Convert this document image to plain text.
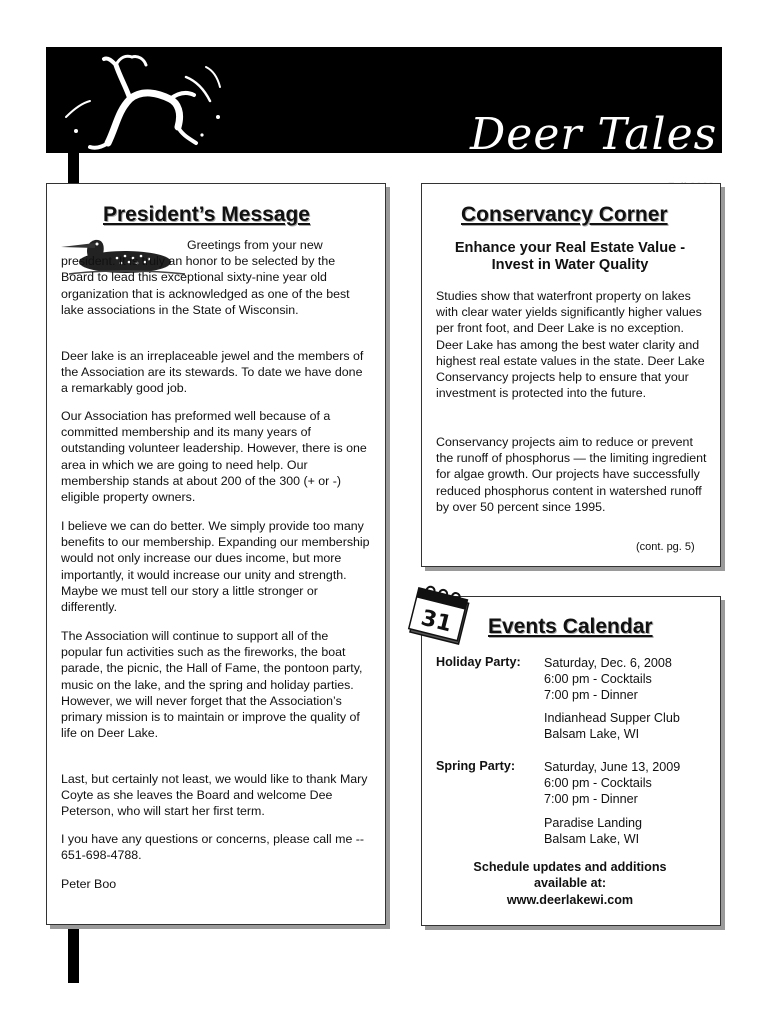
Deer Tales
Association
President’s Message

Greetings from your new president. It is truly an honor to be selected by the Board to lead this exceptional sixty-nine year old organization that is acknowledged as one of the best lake associations in the State of Wisconsin.

Deer lake is an irreplaceable jewel and the members of the Association are its stewards. To date we have done a remarkably good job.

Our Association has preformed well because of a committed membership and its many years of outstanding volunteer leadership. However, there is one area in which we are going to need help. Our membership stands at about 200 of the 300 (+ or -) eligible property owners.

I believe we can do better. We simply provide too many benefits to our membership. Expanding our membership would not only increase our dues income, but more importantly, it would increase our unity and strength. Maybe we must tell our story a little stronger or differently.

The Association will continue to support all of the popular fun activities such as the fireworks, the boat parade, the picnic, the Hall of Fame, the pontoon party, music on the lake, and the spring and holiday parties. However, we will never forget that the Association’s primary mission is to maintain or improve the quality of life on Deer Lake.

Last, but certainly not least, we would like to thank Mary Coyte as she leaves the Board and welcome Dee Peterson, who will start her first term.

I you have any questions or concerns, please call me -- 651-698-4788.

Peter Boo

Conservancy Corner
Enhance your Real Estate Value - Invest in Water Quality

Studies show that waterfront property on lakes with clear water yields significantly higher values per front foot, and Deer Lake is no exception. Deer Lake has among the best water clarity and highest real estate values in the state. Deer Lake Conservancy projects help to ensure that your investment is protected into the future.

Conservancy projects aim to reduce or prevent the runoff of phosphorus — the limiting ingredient for algae growth. Our projects have successfully reduced phosphorus content in watershed runoff by over 50 percent since 1995.

(cont. pg. 5)
Events Calendar
Holiday Party: Saturday, Dec. 6, 2008
6:00 pm - Cocktails
7:00 pm - Dinner
Indianhead Supper Club
Balsam Lake, WI
Spring Party: Saturday, June 13, 2009
6:00 pm - Cocktails
7:00 pm - Dinner
Paradise Landing
Balsam Lake, WI
Schedule updates and additions available at:
www.deerlakewi.com
31
